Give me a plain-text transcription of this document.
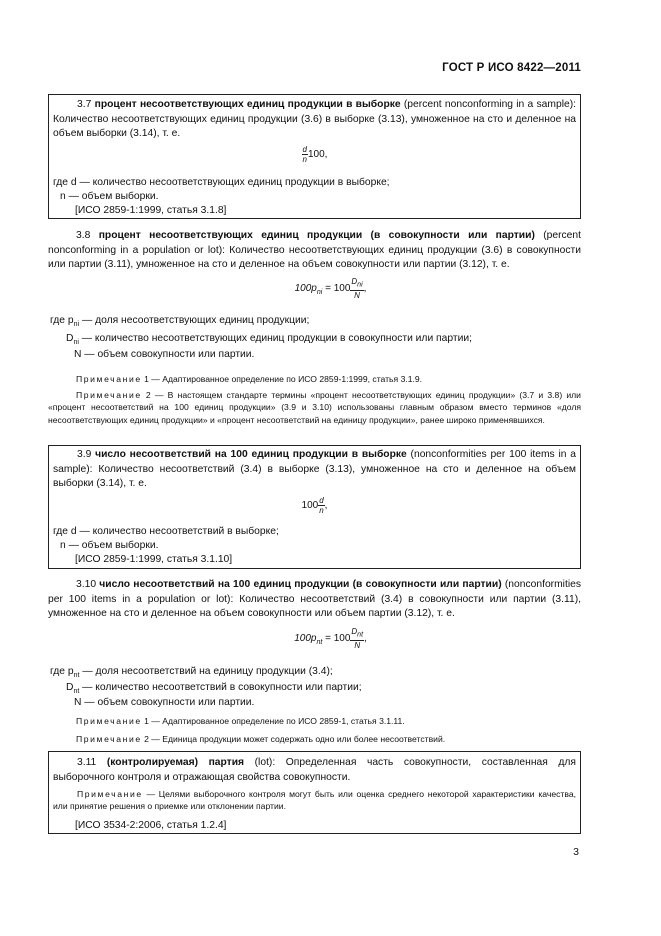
ГОСТ Р ИСО 8422—2011
3.7 процент несоответствующих единиц продукции в выборке (percent nonconforming in a sample): Количество несоответствующих единиц продукции (3.6) в выборке (3.13), умноженное на сто и деленное на объем выборки (3.14), т. е.
$\frac{d}{n} 100$,
где d — количество несоответствующих единиц продукции в выборке;
n — объем выборки.
[ИСО 2859-1:1999, статья 3.1.8]
3.8 процент несоответствующих единиц продукции (в совокупности или партии) (percent nonconforming in a population or lot): Количество несоответствующих единиц продукции (3.6) в совокупности или партии (3.11), умноженное на сто и деленное на объем совокупности или партии (3.12), т. е.
$100p_{ni} = 100 \frac{D_{ni}}{N}$ ,
где $p_{ni}$ — доля несоответствующих единиц продукции;
$D_{ni}$ — количество несоответствующих единиц продукции в совокупности или партии;
N — объем совокупности или партии.
Примечание 1 — Адаптированное определение по ИСО 2859-1:1999, статья 3.1.9.
Примечание 2 — В настоящем стандарте термины «процент несоответствующих единиц продукции» (3.7 и 3.8) или «процент несоответствий на 100 единиц продукции» (3.9 и 3.10) использованы главным образом вместо терминов «доля несоответствующих единиц продукции» и «процент несоответствий на единицу продукции», ранее широко применявшихся.
3.9 число несоответствий на 100 единиц продукции в выборке (nonconformities per 100 items in a sample): Количество несоответствий (3.4) в выборке (3.13), умноженное на сто и деленное на объем выборки (3.14), т. е.
$100 \frac{d}{n}$ ,
где d — количество несоответствий в выборке;
n — объем выборки.
[ИСО 2859-1:1999, статья 3.1.10]
3.10 число несоответствий на 100 единиц продукции (в совокупности или партии) (nonconformities per 100 items in a population or lot): Количество несоответствий (3.4) в совокупности или партии (3.11), умноженное на сто и деленное на объем совокупности или объем партии (3.12), т. е.
$100p_{nt} = 100 \frac{D_{nt}}{N}$ ,
где $p_{nt}$ — доля несоответствий на единицу продукции (3.4);
$D_{nt}$ — количество несоответствий в совокупности или партии;
N — объем совокупности или партии.
Примечание 1 — Адаптированное определение по ИСО 2859-1, статья 3.1.11.
Примечание 2 — Единица продукции может содержать одно или более несоответствий.
3.11 (контролируемая) партия (lot): Определенная часть совокупности, составленная для выборочного контроля и отражающая свойства совокупности.
Примечание — Целями выборочного контроля могут быть или оценка среднего некоторой характеристики качества, или принятие решения о приемке или отклонении партии.
[ИСО 3534-2:2006, статья 1.2.4]
3
